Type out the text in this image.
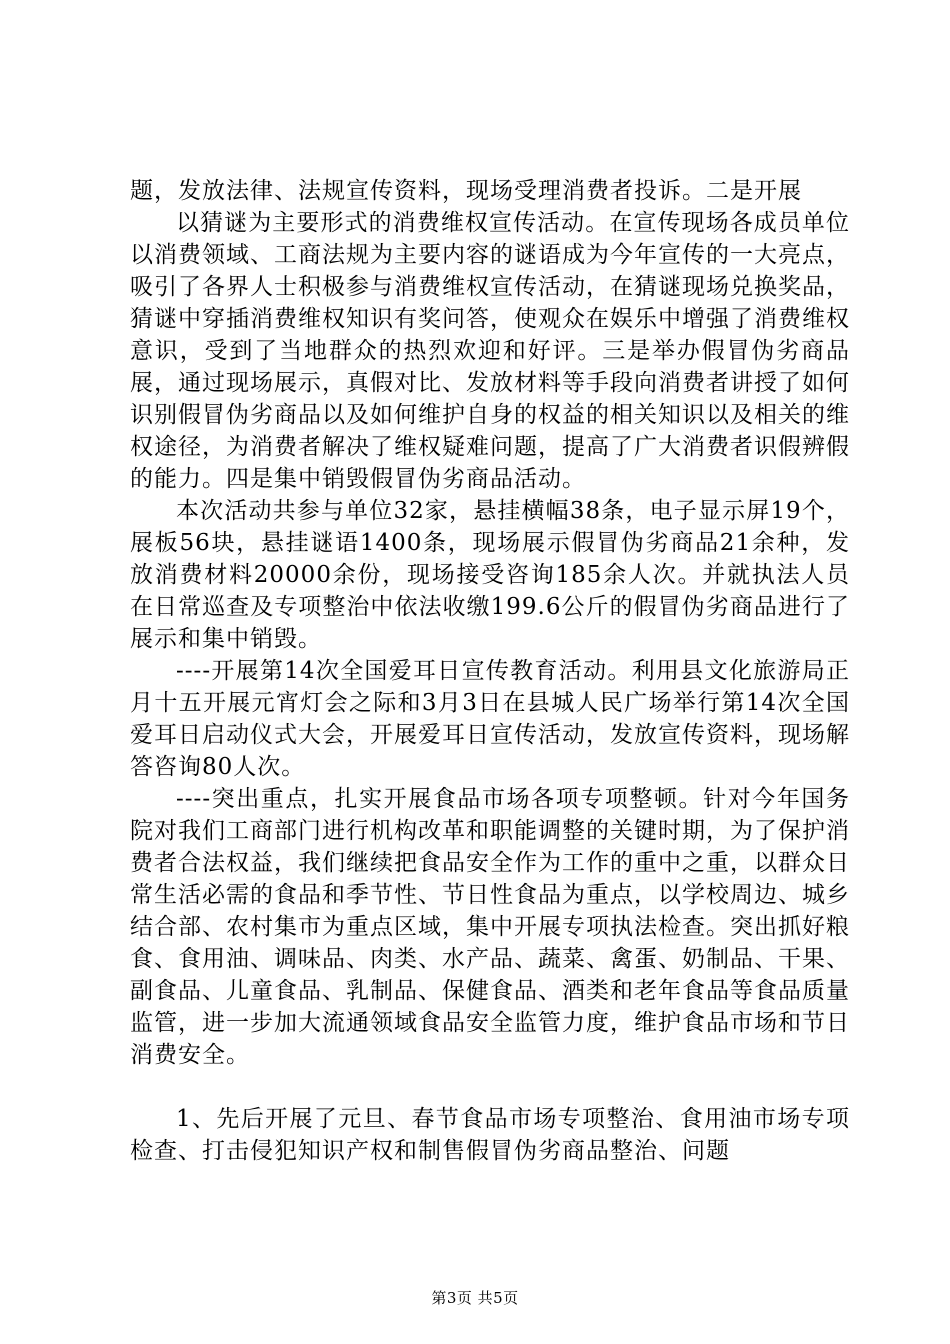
题，发放法律、法规宣传资料，现场受理消费者投诉。二是开展

以猜谜为主要形式的消费维权宣传活动。在宣传现场各成员单位以消费领域、工商法规为主要内容的谜语成为今年宣传的一大亮点，吸引了各界人士积极参与消费维权宣传活动，在猜谜现场兑换奖品，猜谜中穿插消费维权知识有奖问答，使观众在娱乐中增强了消费维权意识，受到了当地群众的热烈欢迎和好评。三是举办假冒伪劣商品展，通过现场展示，真假对比、发放材料等手段向消费者讲授了如何识别假冒伪劣商品以及如何维护自身的权益的相关知识以及相关的维权途径，为消费者解决了维权疑难问题，提高了广大消费者识假辨假的能力。四是集中销毁假冒伪劣商品活动。

本次活动共参与单位32家，悬挂横幅38条，电子显示屏19个，展板56块，悬挂谜语1400条，现场展示假冒伪劣商品21余种，发放消费材料20000余份，现场接受咨询185余人次。并就执法人员在日常巡查及专项整治中依法收缴199.6公斤的假冒伪劣商品进行了展示和集中销毁。

----开展第14次全国爱耳日宣传教育活动。利用县文化旅游局正月十五开展元宵灯会之际和3月3日在县城人民广场举行第14次全国爱耳日启动仪式大会，开展爱耳日宣传活动，发放宣传资料，现场解答咨询80人次。

----突出重点，扎实开展食品市场各项专项整顿。针对今年国务院对我们工商部门进行机构改革和职能调整的关键时期，为了保护消费者合法权益，我们继续把食品安全作为工作的重中之重，以群众日常生活必需的食品和季节性、节日性食品为重点，以学校周边、城乡结合部、农村集市为重点区域，集中开展专项执法检查。突出抓好粮食、食用油、调味品、肉类、水产品、蔬菜、禽蛋、奶制品、干果、副食品、儿童食品、乳制品、保健食品、酒类和老年食品等食品质量监管，进一步加大流通领域食品安全监管力度，维护食品市场和节日消费安全。

1、先后开展了元旦、春节食品市场专项整治、食用油市场专项检查、打击侵犯知识产权和制售假冒伪劣商品整治、问题

第3页 共5页
